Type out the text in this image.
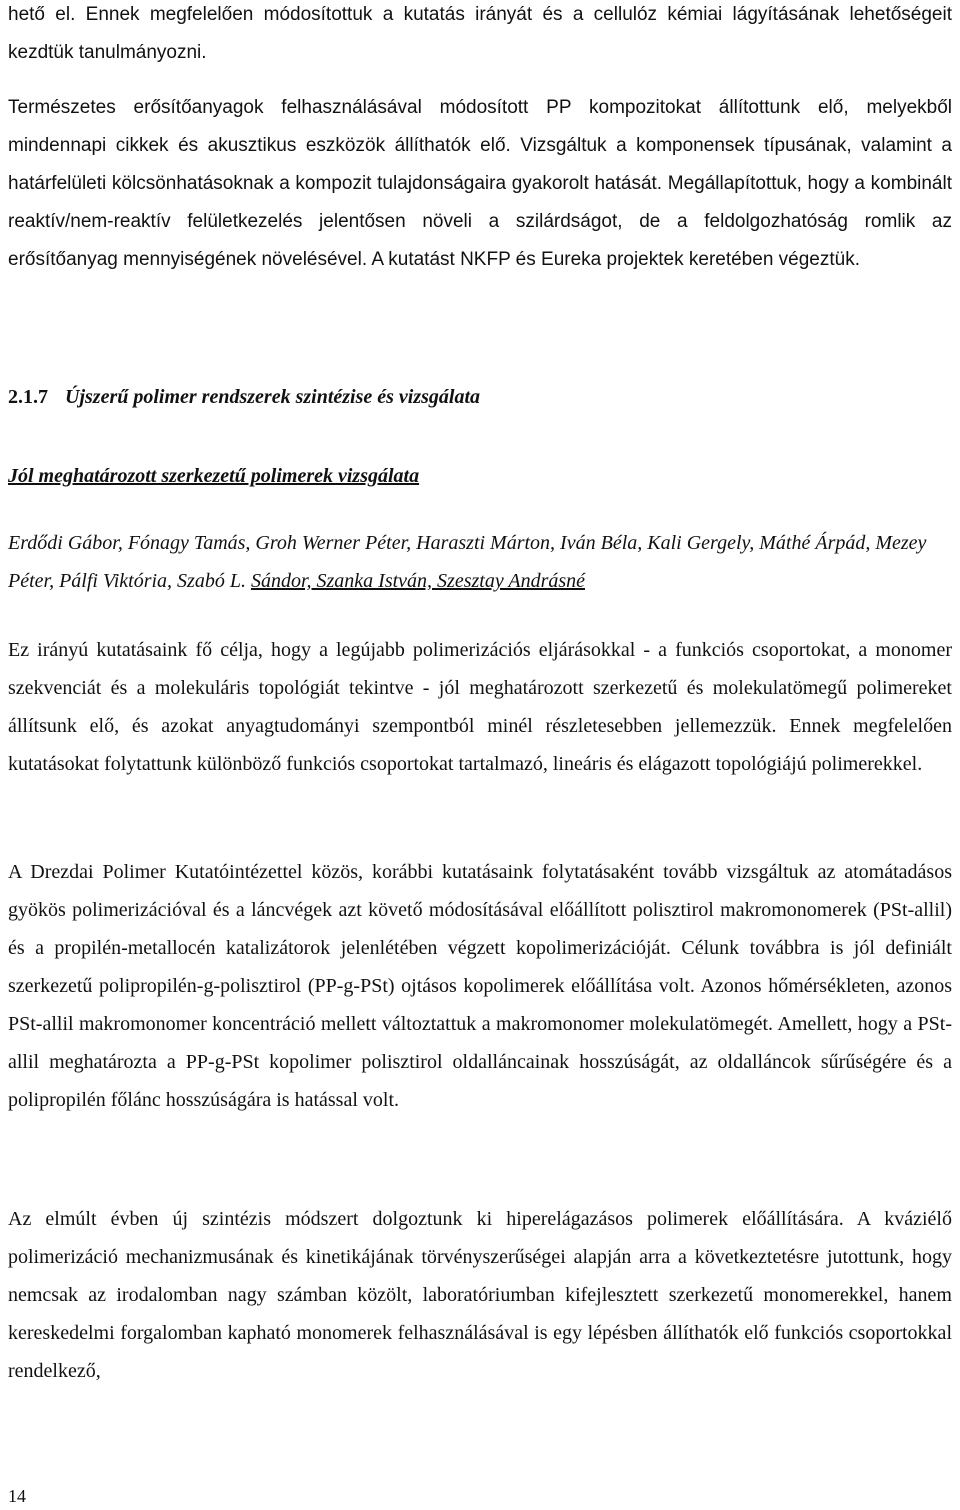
hető el. Ennek megfelelően módosítottuk a kutatás irányát és a cellulóz kémiai lágyításának lehetőségeit kezdtük tanulmányozni.

Természetes erősítőanyagok felhasználásával módosított PP kompozitokat állítottunk elő, melyekből mindennapi cikkek és akusztikus eszközök állíthatók elő. Vizsgáltuk a komponensek típusának, valamint a határfelületi kölcsönhatásoknak a kompozit tulajdonságaira gyakorolt hatását. Megállapítottuk, hogy a kombinált reaktív/nem-reaktív felületkezelés jelentősen növeli a szilárdságot, de a feldolgozhatóság romlik az erősítőanyag mennyiségének növelésével. A kutatást NKFP és Eureka projektek keretében végeztük.

2.1.7 Újszerű polimer rendszerek szintézise és vizsgálata
Jól meghatározott szerkezetű polimerek vizsgálata

Erdődi Gábor, Fónagy Tamás, Groh Werner Péter, Haraszti Márton, Iván Béla, Kali Gergely, Máthé Árpád, Mezey Péter, Pálfi Viktória, Szabó L. Sándor, Szanka István, Szesztay Andrásné

Ez irányú kutatásaink fő célja, hogy a legújabb polimerizációs eljárásokkal - a funkciós csoportokat, a monomer szekvenciát és a molekuláris topológiát tekintve - jól meghatározott szerkezetű és molekulatömegű polimereket állítsunk elő, és azokat anyagtudományi szempontból minél részletesebben jellemezzük. Ennek megfelelően kutatásokat folytattunk különböző funkciós csoportokat tartalmazó, lineáris és elágazott topológiájú polimerekkel.

A Drezdai Polimer Kutatóintézettel közös, korábbi kutatásaink folytatásaként tovább vizsgáltuk az atomátadásos gyökös polimerizációval és a láncvégek azt követő módosításával előállított polisztirol makromonomerek (PSt-allil) és a propilén-metallocén katalizátorok jelenlétében végzett kopolimerizációját. Célunk továbbra is jól definiált szerkezetű polipropilén-g-polisztirol (PP-g-PSt) ojtásos kopolimerek előállítása volt. Azonos hőmérsékleten, azonos PSt-allil makromonomer koncentráció mellett változtattuk a makromonomer molekulatömegét. Amellett, hogy a PSt-allil meghatározta a PP-g-PSt kopolimer polisztirol oldalláncainak hosszúságát, az oldalláncok sűrűségére és a polipropilén főlánc hosszúságára is hatással volt.

Az elmúlt évben új szintézis módszert dolgoztunk ki hiperelágazásos polimerek előállítására. A kváziélő polimerizáció mechanizmusának és kinetikájának törvényszerűségei alapján arra a következtetésre jutottunk, hogy nemcsak az irodalomban nagy számban közölt, laboratóriumban kifejlesztett szerkezetű monomerekkel, hanem kereskedelmi forgalomban kapható monomerek felhasználásával is egy lépésben állíthatók elő funkciós csoportokkal rendelkező,

14
